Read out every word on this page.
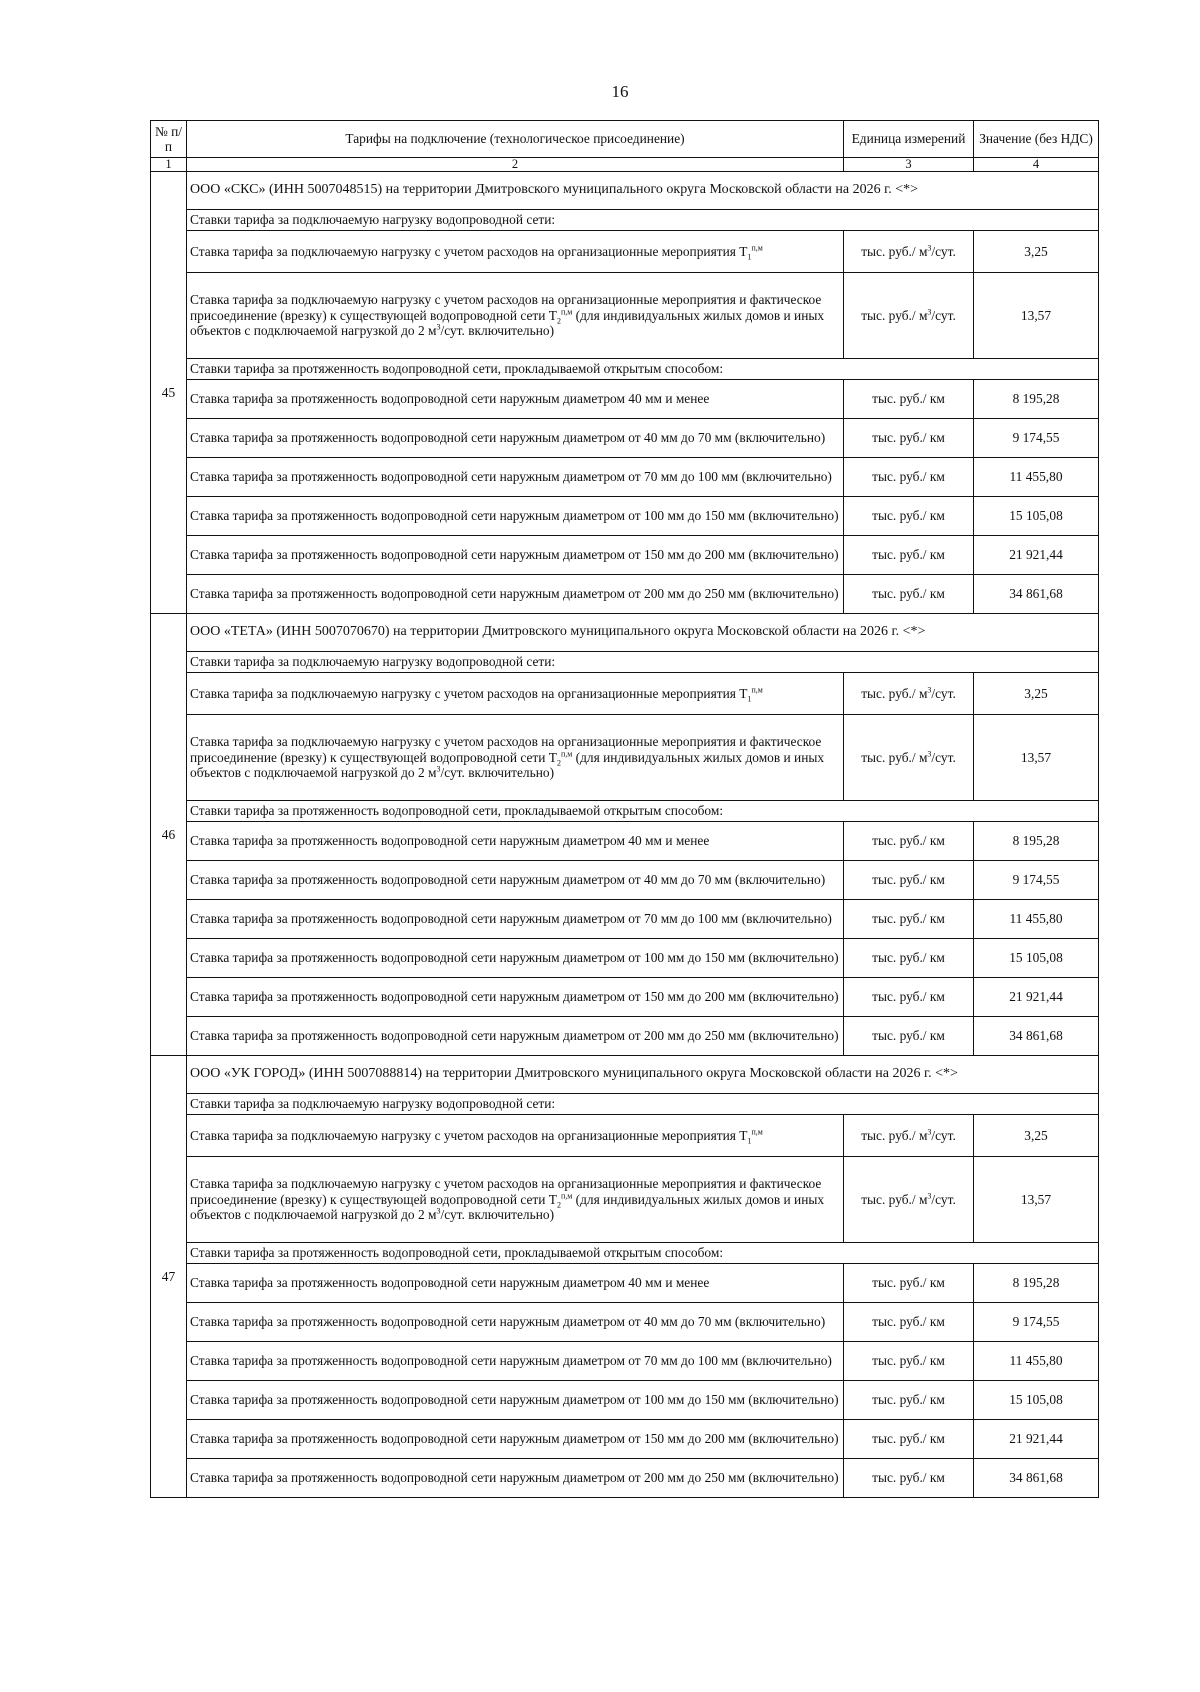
16
№ п/п	Тарифы на подключение (технологическое присоединение)	Единица измерений	Значение (без НДС)
1	2	3	4
45	ООО «СКС» (ИНН 5007048515) на территории Дмитровского муниципального округа Московской области на 2026 г. <*>		
	Ставки тарифа за подключаемую нагрузку водопроводной сети:		
	Ставка тарифа за подключаемую нагрузку с учетом расходов на организационные мероприятия $T_1^{п,м}$	тыс. руб./ $м^3$/сут.	3,25
	Ставка тарифа за подключаемую нагрузку с учетом расходов на организационные мероприятия и фактическое присоединение (врезку) к существующей водопроводной сети $T_2^{п,м}$ (для индивидуальных жилых домов и иных объектов с подключаемой нагрузкой до 2 $м^3$/сут. включительно)	тыс. руб./ $м^3$/сут.	13,57
	Ставки тарифа за протяженность водопроводной сети, прокладываемой открытым способом:		
	Ставка тарифа за протяженность водопроводной сети наружным диаметром 40 мм и менее	тыс. руб./ км	8 195,28
	Ставка тарифа за протяженность водопроводной сети наружным диаметром от 40 мм до 70 мм (включительно)	тыс. руб./ км	9 174,55
	Ставка тарифа за протяженность водопроводной сети наружным диаметром от 70 мм до 100 мм (включительно)	тыс. руб./ км	11 455,80
	Ставка тарифа за протяженность водопроводной сети наружным диаметром от 100 мм до 150 мм (включительно)	тыс. руб./ км	15 105,08
	Ставка тарифа за протяженность водопроводной сети наружным диаметром от 150 мм до 200 мм (включительно)	тыс. руб./ км	21 921,44
	Ставка тарифа за протяженность водопроводной сети наружным диаметром от 200 мм до 250 мм (включительно)	тыс. руб./ км	34 861,68
46	ООО «ТЕТА» (ИНН 5007070670) на территории Дмитровского муниципального округа Московской области на 2026 г. <*>		
	Ставки тарифа за подключаемую нагрузку водопроводной сети:		
	Ставка тарифа за подключаемую нагрузку с учетом расходов на организационные мероприятия $T_1^{п,м}$	тыс. руб./ $м^3$/сут.	3,25
	Ставка тарифа за подключаемую нагрузку с учетом расходов на организационные мероприятия и фактическое присоединение (врезку) к существующей водопроводной сети $T_2^{п,м}$ (для индивидуальных жилых домов и иных объектов с подключаемой нагрузкой до 2 $м^3$/сут. включительно)	тыс. руб./ $м^3$/сут.	13,57
	Ставки тарифа за протяженность водопроводной сети, прокладываемой открытым способом:		
	Ставка тарифа за протяженность водопроводной сети наружным диаметром 40 мм и менее	тыс. руб./ км	8 195,28
	Ставка тарифа за протяженность водопроводной сети наружным диаметром от 40 мм до 70 мм (включительно)	тыс. руб./ км	9 174,55
	Ставка тарифа за протяженность водопроводной сети наружным диаметром от 70 мм до 100 мм (включительно)	тыс. руб./ км	11 455,80
	Ставка тарифа за протяженность водопроводной сети наружным диаметром от 100 мм до 150 мм (включительно)	тыс. руб./ км	15 105,08
	Ставка тарифа за протяженность водопроводной сети наружным диаметром от 150 мм до 200 мм (включительно)	тыс. руб./ км	21 921,44
	Ставка тарифа за протяженность водопроводной сети наружным диаметром от 200 мм до 250 мм (включительно)	тыс. руб./ км	34 861,68
47	ООО «УК ГОРОД» (ИНН 5007088814) на территории Дмитровского муниципального округа Московской области на 2026 г. <*>		
	Ставки тарифа за подключаемую нагрузку водопроводной сети:		
	Ставка тарифа за подключаемую нагрузку с учетом расходов на организационные мероприятия $T_1^{п,м}$	тыс. руб./ $м^3$/сут.	3,25
	Ставка тарифа за подключаемую нагрузку с учетом расходов на организационные мероприятия и фактическое присоединение (врезку) к существующей водопроводной сети $T_2^{п,м}$ (для индивидуальных жилых домов и иных объектов с подключаемой нагрузкой до 2 $м^3$/сут. включительно)	тыс. руб./ $м^3$/сут.	13,57
	Ставки тарифа за протяженность водопроводной сети, прокладываемой открытым способом:		
	Ставка тарифа за протяженность водопроводной сети наружным диаметром 40 мм и менее	тыс. руб./ км	8 195,28
	Ставка тарифа за протяженность водопроводной сети наружным диаметром от 40 мм до 70 мм (включительно)	тыс. руб./ км	9 174,55
	Ставка тарифа за протяженность водопроводной сети наружным диаметром от 70 мм до 100 мм (включительно)	тыс. руб./ км	11 455,80
	Ставка тарифа за протяженность водопроводной сети наружным диаметром от 100 мм до 150 мм (включительно)	тыс. руб./ км	15 105,08
	Ставка тарифа за протяженность водопроводной сети наружным диаметром от 150 мм до 200 мм (включительно)	тыс. руб./ км	21 921,44
	Ставка тарифа за протяженность водопроводной сети наружным диаметром от 200 мм до 250 мм (включительно)	тыс. руб./ км	34 861,68
